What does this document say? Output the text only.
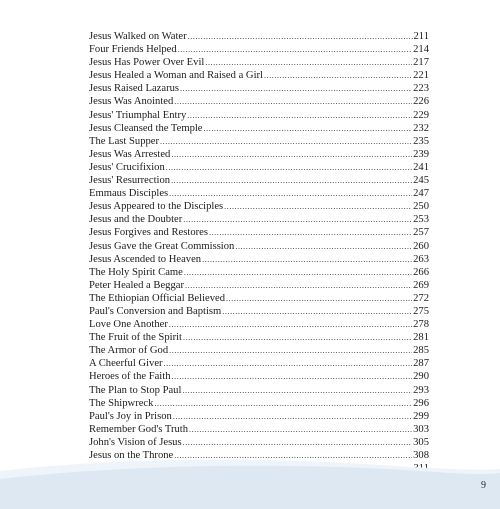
Jesus Walked on Water .....	211
Four Friends Helped .....	214
Jesus Has Power Over Evil .....	217
Jesus Healed a Woman and Raised a Girl .....	221
Jesus Raised Lazarus .....	223
Jesus Was Anointed .....	226
Jesus' Triumphal Entry .....	229
Jesus Cleansed the Temple .....	232
The Last Supper .....	235
Jesus Was Arrested .....	239
Jesus' Crucifixion .....	241
Jesus' Resurrection .....	245
Emmaus Disciples .....	247
Jesus Appeared to the Disciples .....	250
Jesus and the Doubter .....	253
Jesus Forgives and Restores .....	257
Jesus Gave the Great Commission .....	260
Jesus Ascended to Heaven .....	263
The Holy Spirit Came .....	266
Peter Healed a Beggar .....	269
The Ethiopian Official Believed .....	272
Paul's Conversion and Baptism .....	275
Love One Another .....	278
The Fruit of the Spirit .....	281
The Armor of God .....	285
A Cheerful Giver .....	287
Heroes of the Faith .....	290
The Plan to Stop Paul .....	293
The Shipwreck .....	296
Paul's Joy in Prison .....	299
Remember God's Truth .....	303
John's Vision of Jesus .....	305
Jesus on the Throne .....	308
.....
9
